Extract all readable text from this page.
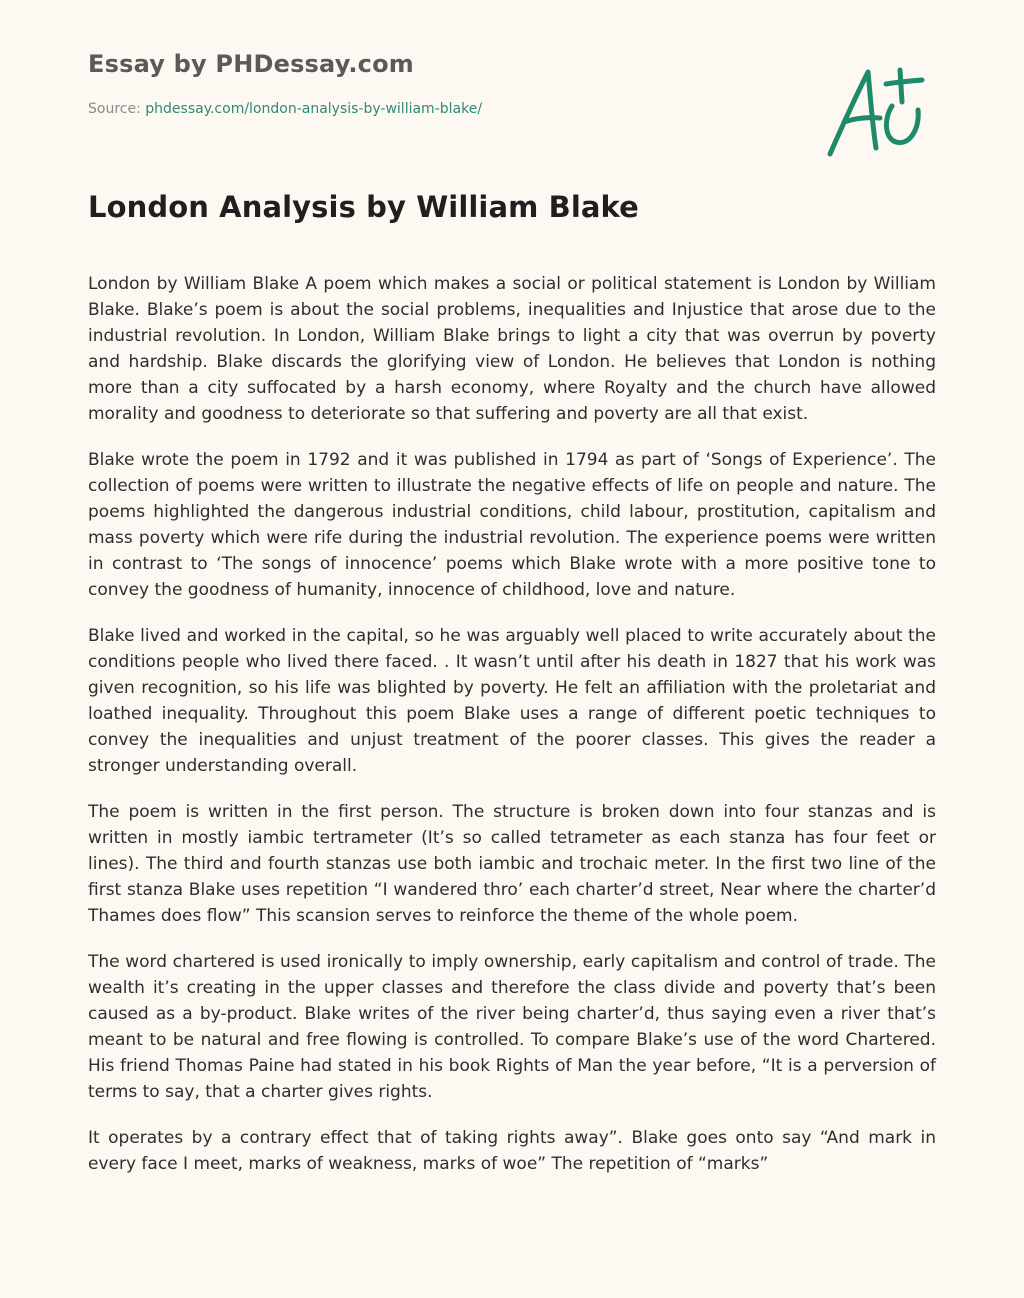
Essay by PHDessay.com
Source: phdessay.com/london-analysis-by-william-blake/
London Analysis by William Blake

London by William Blake A poem which makes a social or political statement is London by William Blake. Blake’s poem is about the social problems, inequalities and Injustice that arose due to the industrial revolution. In London, William Blake brings to light a city that was overrun by poverty and hardship. Blake discards the glorifying view of London. He believes that London is nothing more than a city suffocated by a harsh economy, where Royalty and the church have allowed morality and goodness to deteriorate so that suffering and poverty are all that exist.

Blake wrote the poem in 1792 and it was published in 1794 as part of ‘Songs of Experience’. The collection of poems were written to illustrate the negative effects of life on people and nature. The poems highlighted the dangerous industrial conditions, child labour, prostitution, capitalism and mass poverty which were rife during the industrial revolution. The experience poems were written in contrast to ‘The songs of innocence’ poems which Blake wrote with a more positive tone to convey the goodness of humanity, innocence of childhood, love and nature.

Blake lived and worked in the capital, so he was arguably well placed to write accurately about the conditions people who lived there faced. . It wasn’t until after his death in 1827 that his work was given recognition, so his life was blighted by poverty. He felt an affiliation with the proletariat and loathed inequality. Throughout this poem Blake uses a range of different poetic techniques to convey the inequalities and unjust treatment of the poorer classes. This gives the reader a stronger understanding overall.

The poem is written in the first person. The structure is broken down into four stanzas and is written in mostly iambic tertrameter (It’s so called tetrameter as each stanza has four feet or lines). The third and fourth stanzas use both iambic and trochaic meter. In the first two line of the first stanza Blake uses repetition “I wandered thro’ each charter’d street, Near where the charter’d Thames does flow” This scansion serves to reinforce the theme of the whole poem.

The word chartered is used ironically to imply ownership, early capitalism and control of trade. The wealth it’s creating in the upper classes and therefore the class divide and poverty that’s been caused as a by-product. Blake writes of the river being charter’d, thus saying even a river that’s meant to be natural and free flowing is controlled. To compare Blake’s use of the word Chartered. His friend Thomas Paine had stated in his book Rights of Man the year before, “It is a perversion of terms to say, that a charter gives rights.

It operates by a contrary effect that of taking rights away”. Blake goes onto say “And mark in every face I meet, marks of weakness, marks of woe” The repetition of “marks”
